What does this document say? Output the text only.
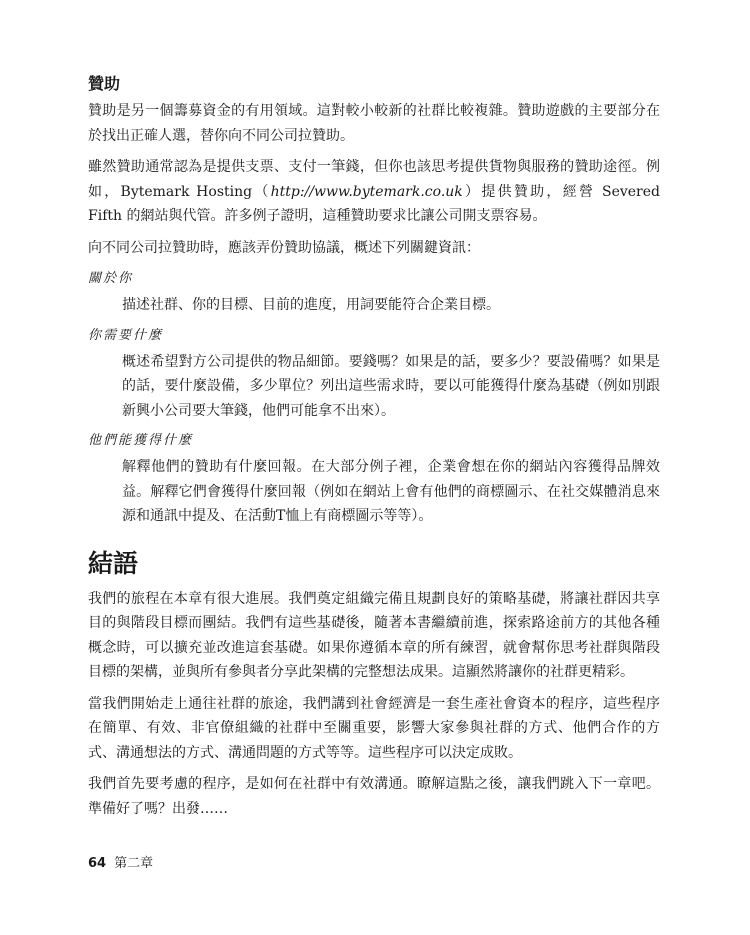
贊助

贊助是另一個籌募資金的有用領域。這對較小較新的社群比較複雜。贊助遊戲的主要部分在於找出正確人選，替你向不同公司拉贊助。

雖然贊助通常認為是提供支票、支付一筆錢，但你也該思考提供貨物與服務的贊助途徑。例如，Bytemark Hosting（http://www.bytemark.co.uk）提供贊助，經營 Severed Fifth 的網站與代管。許多例子證明，這種贊助要求比讓公司開支票容易。

向不同公司拉贊助時，應該弄份贊助協議，概述下列關鍵資訊：

關於你

描述社群、你的目標、目前的進度，用詞要能符合企業目標。

你需要什麼

概述希望對方公司提供的物品細節。要錢嗎？如果是的話，要多少？要設備嗎？如果是的話，要什麼設備，多少單位？列出這些需求時，要以可能獲得什麼為基礎（例如別跟新興小公司要大筆錢，他們可能拿不出來）。

他們能獲得什麼

解釋他們的贊助有什麼回報。在大部分例子裡，企業會想在你的網站內容獲得品牌效益。解釋它們會獲得什麼回報（例如在網站上會有他們的商標圖示、在社交媒體消息來源和通訊中提及、在活動T恤上有商標圖示等等）。

結語

我們的旅程在本章有很大進展。我們奠定組織完備且規劃良好的策略基礎，將讓社群因共享目的與階段目標而團結。我們有這些基礎後，隨著本書繼續前進，探索路途前方的其他各種概念時，可以擴充並改進這套基礎。如果你遵循本章的所有練習，就會幫你思考社群與階段目標的架構，並與所有參與者分享此架構的完整想法成果。這顯然將讓你的社群更精彩。

當我們開始走上通往社群的旅途，我們講到社會經濟是一套生產社會資本的程序，這些程序在簡單、有效、非官僚組織的社群中至關重要，影響大家參與社群的方式、他們合作的方式、溝通想法的方式、溝通問題的方式等等。這些程序可以決定成敗。

我們首先要考慮的程序，是如何在社群中有效溝通。瞭解這點之後，讓我們跳入下一章吧。準備好了嗎？出發……

64 第二章
